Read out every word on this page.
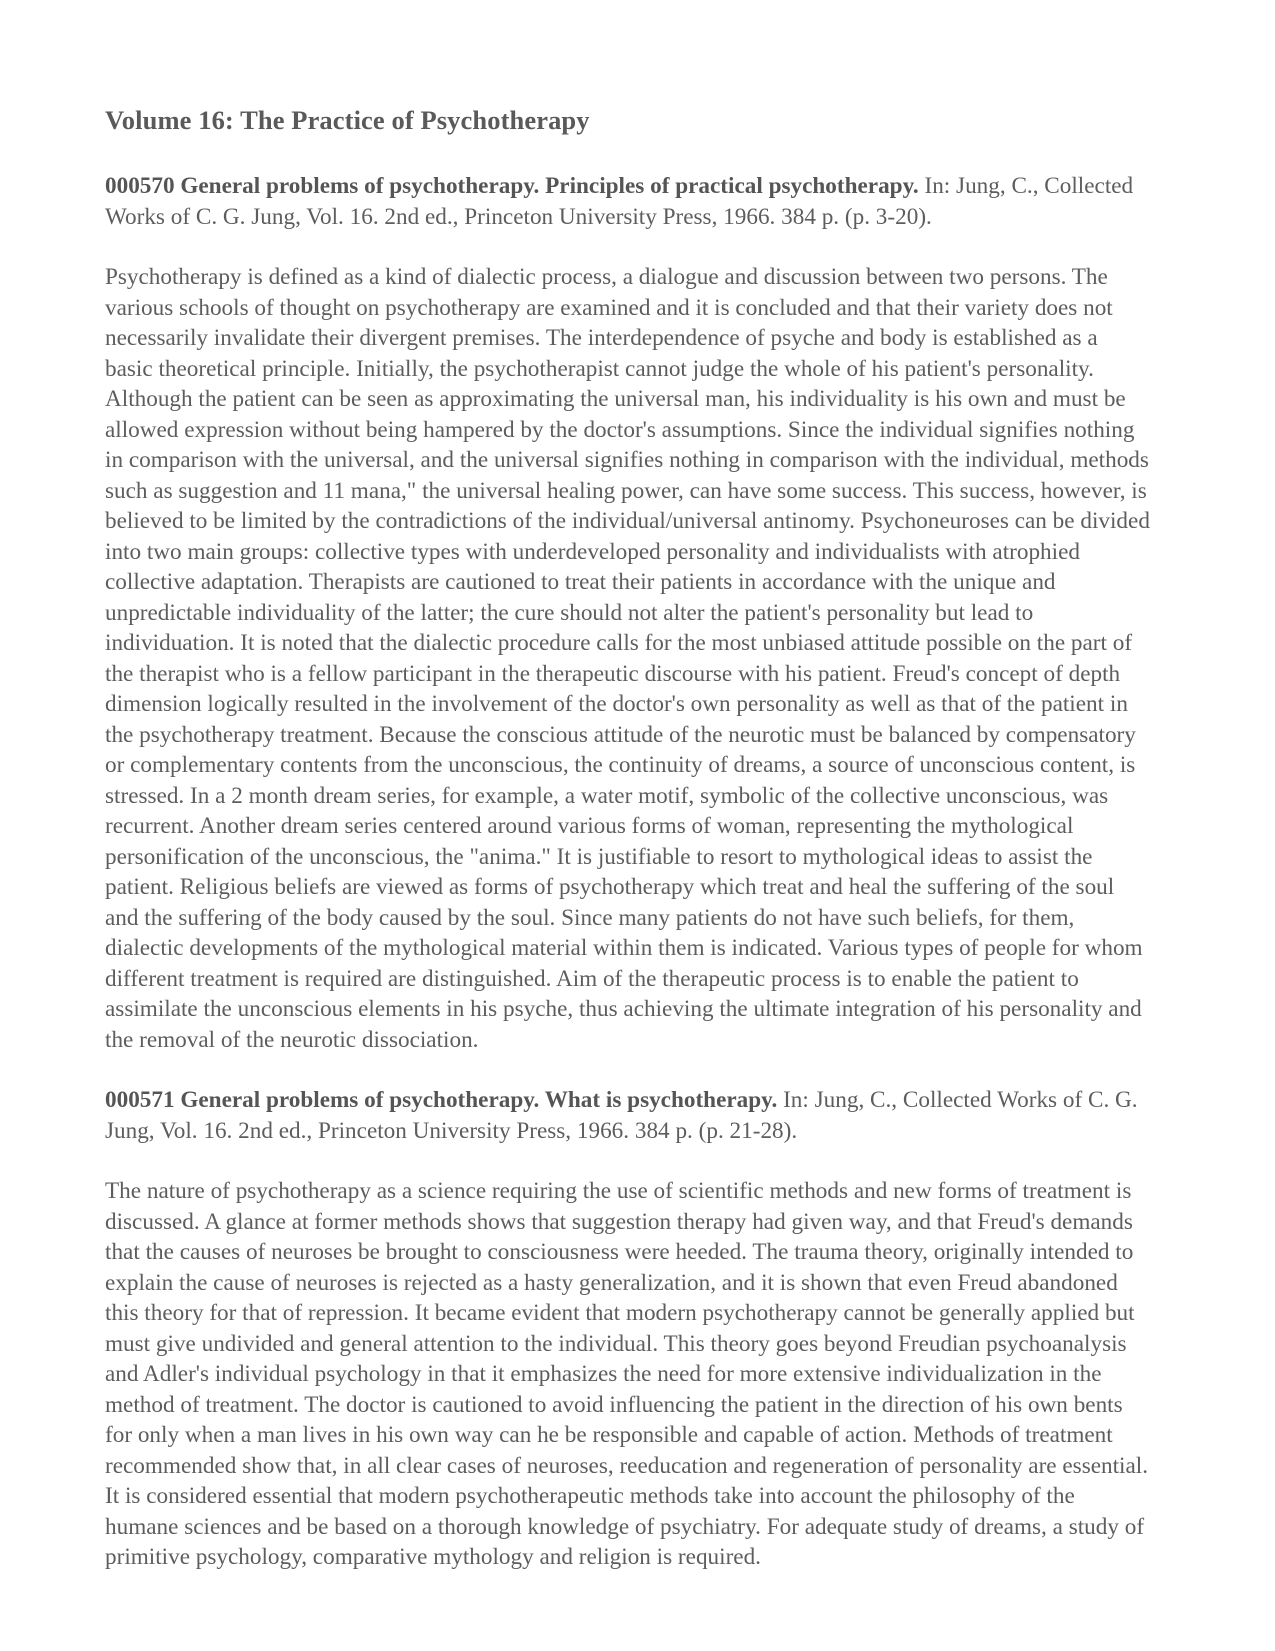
Volume 16: The Practice of Psychotherapy

000570 General problems of psychotherapy. Principles of practical psychotherapy. In: Jung, C., Collected Works of C. G. Jung, Vol. 16. 2nd ed., Princeton University Press, 1966. 384 p. (p. 3-20).

Psychotherapy is defined as a kind of dialectic process, a dialogue and discussion between two persons. The various schools of thought on psychotherapy are examined and it is concluded and that their variety does not necessarily invalidate their divergent premises. The interdependence of psyche and body is established as a basic theoretical principle. Initially, the psychotherapist cannot judge the whole of his patient's personality. Although the patient can be seen as approximating the universal man, his individuality is his own and must be allowed expression without being hampered by the doctor's assumptions. Since the individual signifies nothing in comparison with the universal, and the universal signifies nothing in comparison with the individual, methods such as suggestion and 11 mana," the universal healing power, can have some success. This success, however, is believed to be limited by the contradictions of the individual/universal antinomy. Psychoneuroses can be divided into two main groups: collective types with underdeveloped personality and individualists with atrophied collective adaptation. Therapists are cautioned to treat their patients in accordance with the unique and unpredictable individuality of the latter; the cure should not alter the patient's personality but lead to individuation. It is noted that the dialectic procedure calls for the most unbiased attitude possible on the part of the therapist who is a fellow participant in the therapeutic discourse with his patient. Freud's concept of depth dimension logically resulted in the involvement of the doctor's own personality as well as that of the patient in the psychotherapy treatment. Because the conscious attitude of the neurotic must be balanced by compensatory or complementary contents from the unconscious, the continuity of dreams, a source of unconscious content, is stressed. In a 2 month dream series, for example, a water motif, symbolic of the collective unconscious, was recurrent. Another dream series centered around various forms of woman, representing the mythological personification of the unconscious, the "anima." It is justifiable to resort to mythological ideas to assist the patient. Religious beliefs are viewed as forms of psychotherapy which treat and heal the suffering of the soul and the suffering of the body caused by the soul. Since many patients do not have such beliefs, for them, dialectic developments of the mythological material within them is indicated. Various types of people for whom different treatment is required are distinguished. Aim of the therapeutic process is to enable the patient to assimilate the unconscious elements in his psyche, thus achieving the ultimate integration of his personality and the removal of the neurotic dissociation.

000571 General problems of psychotherapy. What is psychotherapy. In: Jung, C., Collected Works of C. G. Jung, Vol. 16. 2nd ed., Princeton University Press, 1966. 384 p. (p. 21-28).

The nature of psychotherapy as a science requiring the use of scientific methods and new forms of treatment is discussed. A glance at former methods shows that suggestion therapy had given way, and that Freud's demands that the causes of neuroses be brought to consciousness were heeded. The trauma theory, originally intended to explain the cause of neuroses is rejected as a hasty generalization, and it is shown that even Freud abandoned this theory for that of repression. It became evident that modern psychotherapy cannot be generally applied but must give undivided and general attention to the individual. This theory goes beyond Freudian psychoanalysis and Adler's individual psychology in that it emphasizes the need for more extensive individualization in the method of treatment. The doctor is cautioned to avoid influencing the patient in the direction of his own bents for only when a man lives in his own way can he be responsible and capable of action. Methods of treatment recommended show that, in all clear cases of neuroses, reeducation and regeneration of personality are essential. It is considered essential that modern psychotherapeutic methods take into account the philosophy of the humane sciences and be based on a thorough knowledge of psychiatry. For adequate study of dreams, a study of primitive psychology, comparative mythology and religion is required.
